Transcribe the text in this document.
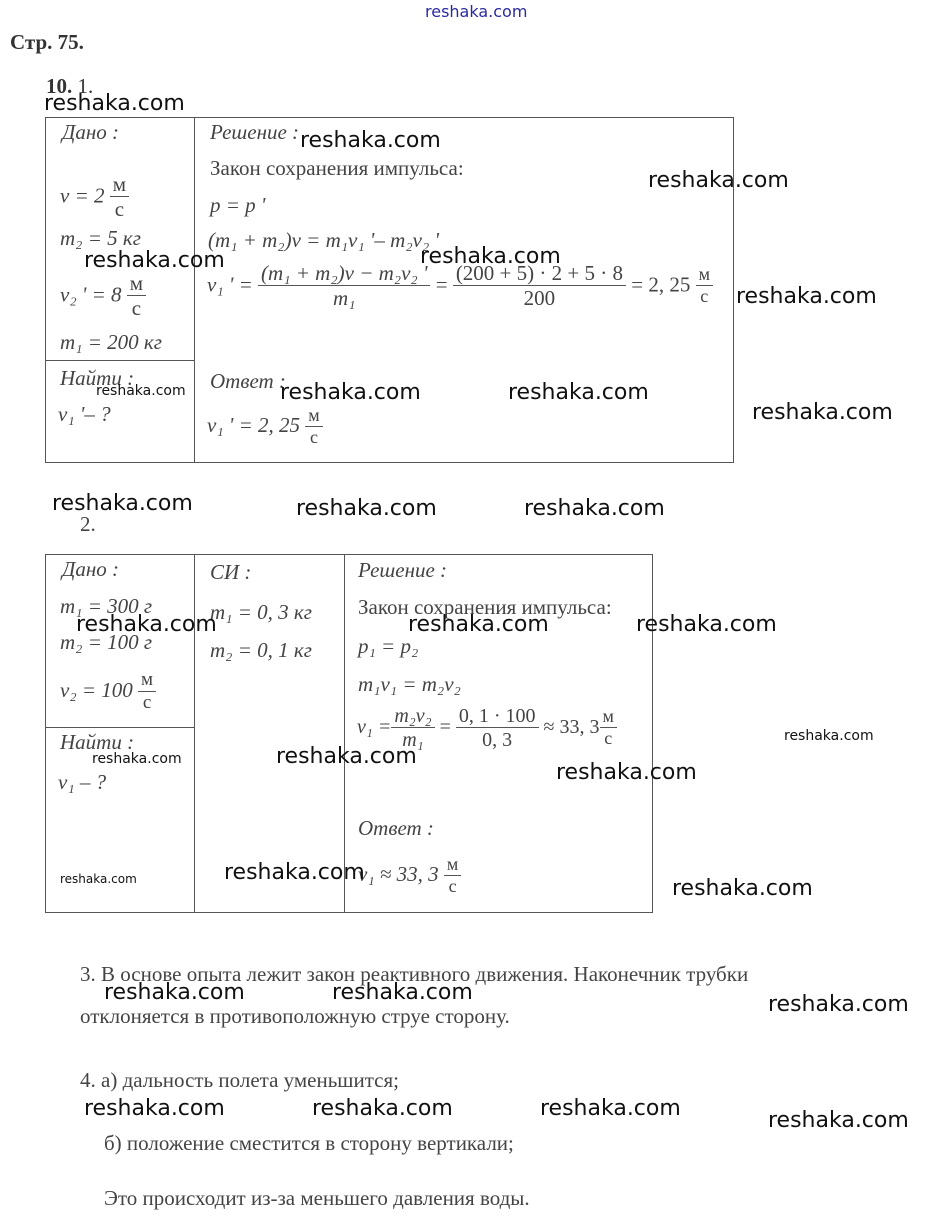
reshaka.com
Стр. 75.
10. 1.
Дано :
$v = 2 \frac{м}{с}$
m₂ = 5 кг
v₂ ' = $8 \frac{м}{с}$
m₁ = 200 кг
Найти :
v₁ '– ?
Решение :
Закон сохранения импульса:
p = p '
(m₁ + m₂)v = m₁v₁ '– m₂v₂ '
v₁ ' = $\frac{\text{(m₁ + m₂)v − m₂v₂ '}}{\text{m₁}} = \frac{(200 + 5) \cdot 2 + 5 \cdot 8}{200} = 2$, $25 \frac{м}{с}$
Ответ :
v₁ ' = 2, $25 \frac{м}{с}$
2.
Дано :
m₁ = 300 г
m₂ = 100 г
$v_2 = 100 \frac{м}{с}$
Найти :
v₁ – ?
СИ :
m₁ = 0, 3 кг
m₂ = 0, 1 кг
Решение :
Закон сохранения импульса:
p₁ = p₂
m₁v₁ = m₂v₂
$v_1 = \frac{\text{m₂v₂}}{\text{m₁}} = \frac{0, 1 \cdot 100}{0, 3} \approx 33$, $3 \frac{м}{с}$
Ответ :
v₁ ≈ 33, $3 \frac{м}{с}$
3. В основе опыта лежит закон реактивного движения. Наконечник трубки
отклоняется в противоположную струе сторону.
4. а) дальность полета уменьшится;
б) положение сместится в сторону вертикали;
Это происходит из-за меньшего давления воды.
reshaka.com
reshaka.com
reshaka.com
reshaka.com	reshaka.com
reshaka.com
reshaka.com	reshaka.com	reshaka.com
reshaka.com
reshaka.com	reshaka.com	reshaka.com
reshaka.com	reshaka.com	reshaka.com
reshaka.com
reshaka.com	reshaka.com
reshaka.com
reshaka.com	reshaka.com
reshaka.com
reshaka.com	reshaka.com	reshaka.com
reshaka.com	reshaka.com	reshaka.com	reshaka.com
